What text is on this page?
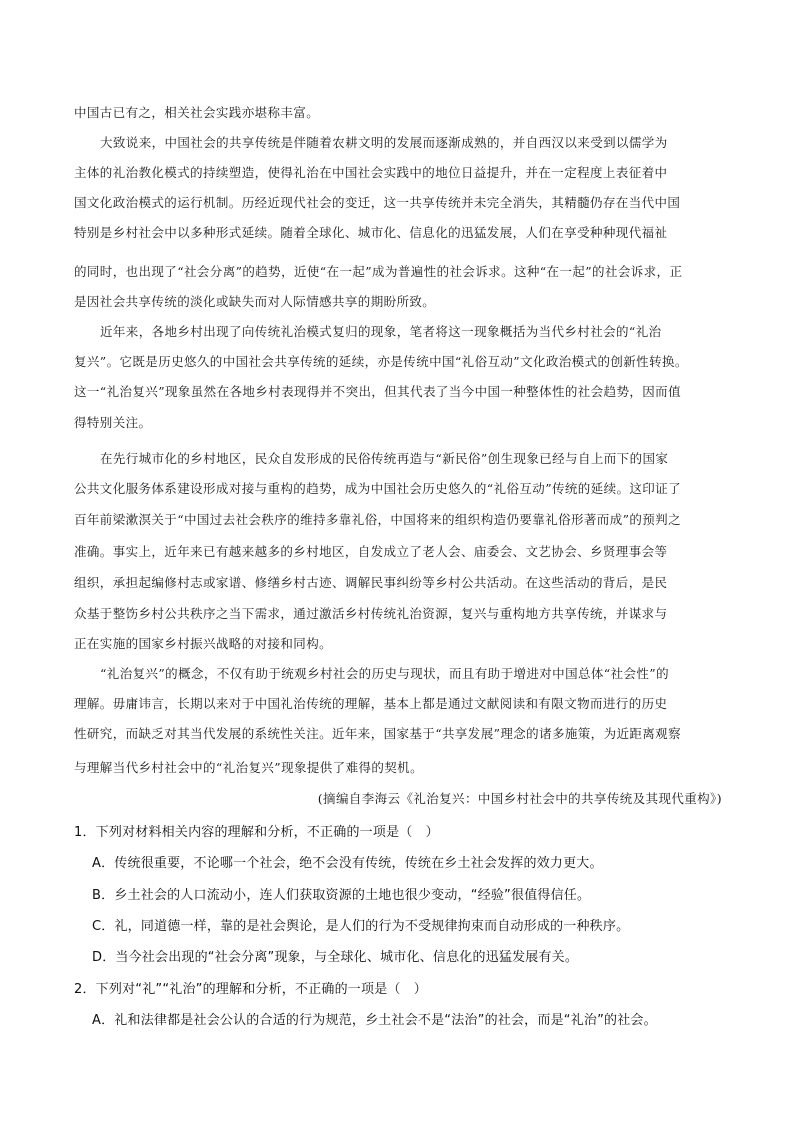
中国古已有之，相关社会实践亦堪称丰富。
大致说来，中国社会的共享传统是伴随着农耕文明的发展而逐渐成熟的，并自西汉以来受到以儒学为
主体的礼治教化模式的持续塑造，使得礼治在中国社会实践中的地位日益提升，并在一定程度上表征着中
国文化政治模式的运行机制。历经近现代社会的变迁，这一共享传统并未完全消失，其精髓仍存在当代中国
特别是乡村社会中以多种形式延续。随着全球化、城市化、信息化的迅猛发展，人们在享受种种现代福祉
的同时，也出现了“社会分离”的趋势，近使“在一起”成为普遍性的社会诉求。这种“在一起”的社会诉求，正
是因社会共享传统的淡化或缺失而对人际情感共享的期盼所致。
近年来，各地乡村出现了向传统礼治模式复归的现象，笔者将这一现象概括为当代乡村社会的“礼治
复兴”。它既是历史悠久的中国社会共享传统的延续，亦是传统中国“礼俗互动”文化政治模式的创新性转换。
这一“礼治复兴”现象虽然在各地乡村表现得并不突出，但其代表了当今中国一种整体性的社会趋势，因而值
得特别关注。
在先行城市化的乡村地区，民众自发形成的民俗传统再造与“新民俗”创生现象已经与自上而下的国家
公共文化服务体系建设形成对接与重构的趋势，成为中国社会历史悠久的“礼俗互动”传统的延续。这印证了
百年前梁漱溟关于“中国过去社会秩序的维持多靠礼俗，中国将来的组织构造仍要靠礼俗形著而成”的预判之
准确。事实上，近年来已有越来越多的乡村地区，自发成立了老人会、庙委会、文艺协会、乡贤理事会等
组织，承担起编修村志或家谱、修缮乡村古迹、调解民事纠纷等乡村公共活动。在这些活动的背后，是民
众基于整饬乡村公共秩序之当下需求，通过激活乡村传统礼治资源，复兴与重构地方共享传统，并谋求与
正在实施的国家乡村振兴战略的对接和同构。
“礼治复兴”的概念，不仅有助于统观乡村社会的历史与现状，而且有助于增进对中国总体“社会性”的
理解。毋庸讳言，长期以来对于中国礼治传统的理解，基本上都是通过文献阅读和有限文物而进行的历史
性研究，而缺乏对其当代发展的系统性关注。近年来，国家基于“共享发展”理念的诸多施策，为近距离观察
与理解当代乡村社会中的“礼治复兴”现象提供了难得的契机。
(摘编自李海云《礼治复兴：中国乡村社会中的共享传统及其现代重构》)
1．下列对材料相关内容的理解和分析，不正确的一项是（　）
A．传统很重要，不论哪一个社会，绝不会没有传统，传统在乡土社会发挥的效力更大。
B．乡土社会的人口流动小，连人们获取资源的土地也很少变动，“经验”很值得信任。
C．礼，同道德一样，靠的是社会舆论，是人们的行为不受规律拘束而自动形成的一种秩序。
D．当今社会出现的“社会分离”现象，与全球化、城市化、信息化的迅猛发展有关。
2．下列对“礼”“礼治”的理解和分析，不正确的一项是（　）
A．礼和法律都是社会公认的合适的行为规范，乡土社会不是“法治”的社会，而是“礼治”的社会。
